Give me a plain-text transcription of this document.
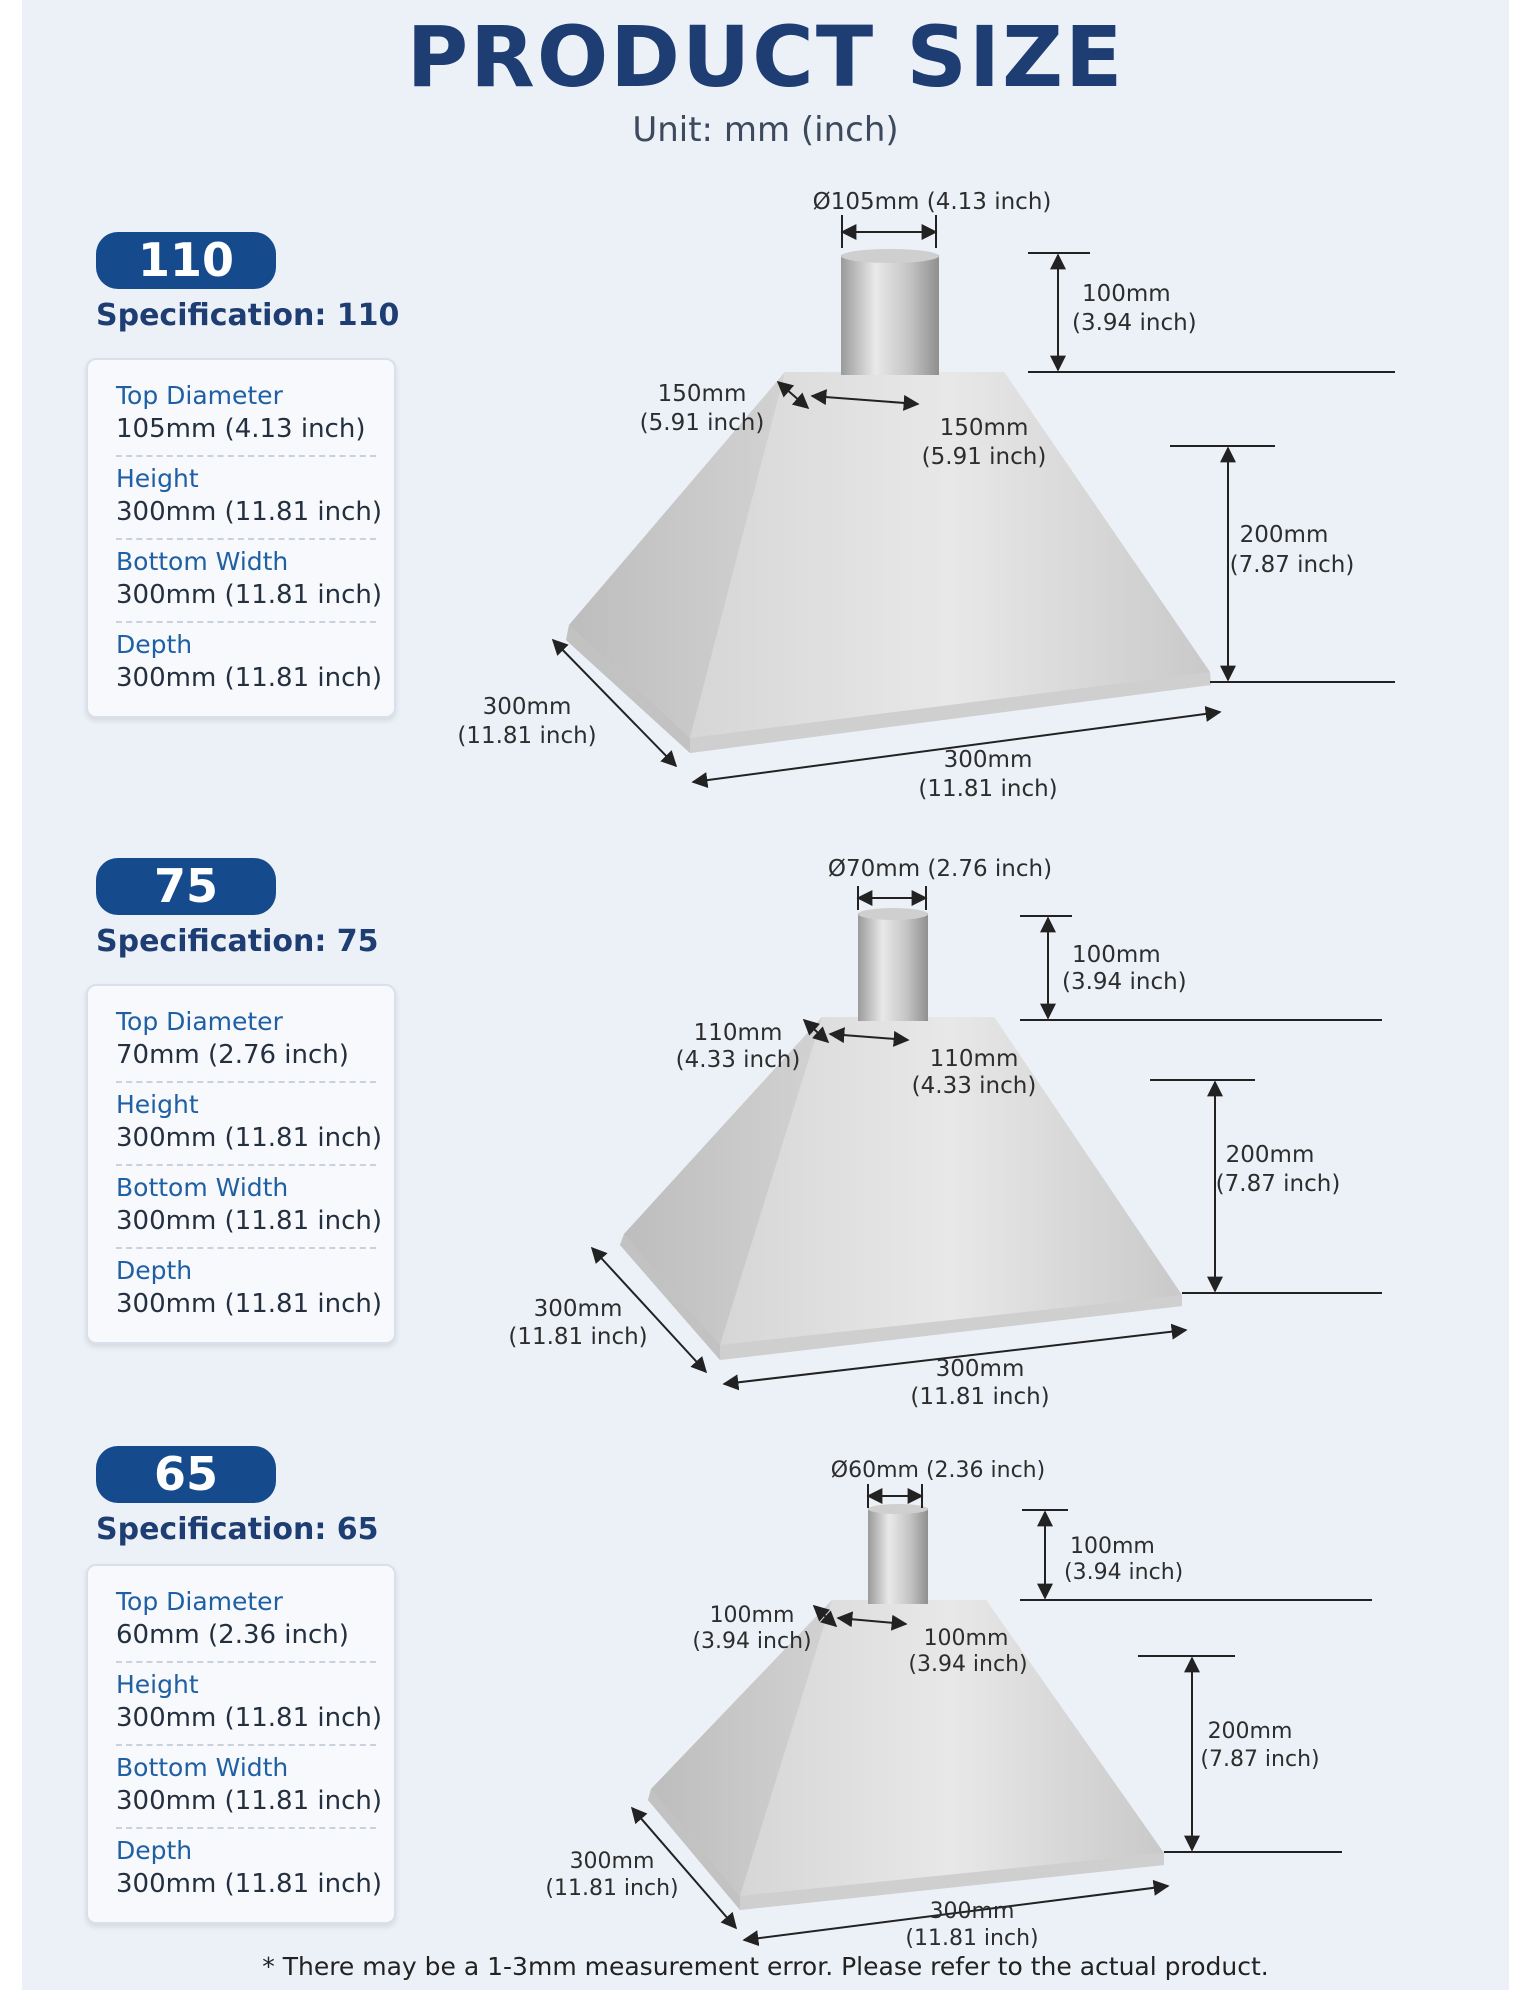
PRODUCT SIZE
Unit: mm (inch)
110
Specification: 110
Top Diameter
105mm (4.13 inch)
Height
300mm (11.81 inch)
Bottom Width
300mm (11.81 inch)
Depth
300mm (11.81 inch)
75
Specification: 75
Top Diameter
70mm (2.76 inch)
Height
300mm (11.81 inch)
Bottom Width
300mm (11.81 inch)
Depth
300mm (11.81 inch)
65
Specification: 65
Top Diameter
60mm (2.36 inch)
Height
300mm (11.81 inch)
Bottom Width
300mm (11.81 inch)
Depth
300mm (11.81 inch)
Ø105mm (4.13 inch)
100mm
(3.94 inch)
150mm
(5.91 inch)	150mm
(5.91 inch)
200mm
(7.87 inch)
300mm
(11.81 inch)
300mm
(11.81 inch)
Ø70mm (2.76 inch)
100mm
(3.94 inch)
110mm
(4.33 inch)	110mm
(4.33 inch)
200mm
(7.87 inch)
300mm
(11.81 inch)
300mm
(11.81 inch)
Ø60mm (2.36 inch)
100mm
(3.94 inch)
100mm
(3.94 inch)	100mm
(3.94 inch)
200mm
(7.87 inch)
300mm
(11.81 inch)
300mm
(11.81 inch)
* There may be a 1-3mm measurement error. Please refer to the actual product.
